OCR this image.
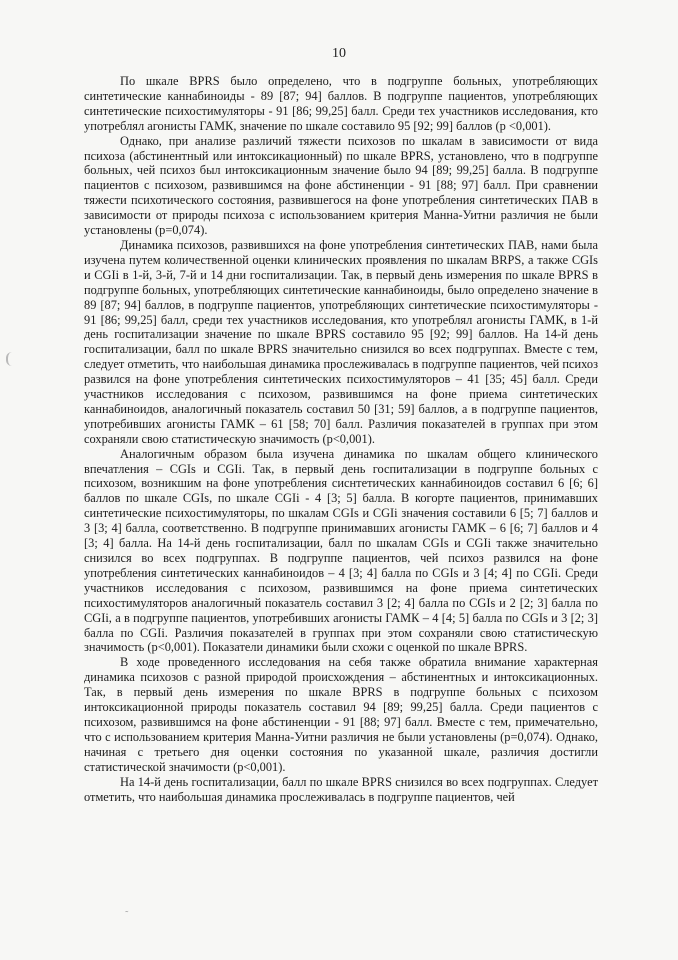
10

По шкале BPRS было определено, что в подгруппе больных, употребляющих синтетические каннабиноиды - 89 [87; 94] баллов. В подгруппе пациентов, употребляющих синтетические психостимуляторы - 91 [86; 99,25] балл. Среди тех участников исследования, кто употреблял агонисты ГАМК, значение по шкале составило 95 [92; 99] баллов (р <0,001).

Однако, при анализе различий тяжести психозов по шкалам в зависимости от вида психоза (абстинентный или интоксикационный) по шкале BPRS, установлено, что в подгруппе больных, чей психоз был интоксикационным значение было 94 [89; 99,25] балла. В подгруппе пациентов с психозом, развившимся на фоне абстиненции - 91 [88; 97] балл. При сравнении тяжести психотического состояния, развившегося на фоне употребления синтетических ПАВ в зависимости от природы психоза с использованием критерия Манна-Уитни различия не были установлены (р=0,074).

Динамика психозов, развившихся на фоне употребления синтетических ПАВ, нами была изучена путем количественной оценки клинических проявления по шкалам BRPS, а также CGIs и CGIi в 1-й, 3-й, 7-й и 14 дни госпитализации. Так, в первый день измерения по шкале BPRS в подгруппе больных, употребляющих синтетические каннабиноиды, было определено значение в 89 [87; 94] баллов, в подгруппе пациентов, употребляющих синтетические психостимуляторы - 91 [86; 99,25] балл, среди тех участников исследования, кто употреблял агонисты ГАМК, в 1-й день госпитализации значение по шкале BPRS составило 95 [92; 99] баллов. На 14-й день госпитализации, балл по шкале BPRS значительно снизился во всех подгруппах. Вместе с тем, следует отметить, что наибольшая динамика прослеживалась в подгруппе пациентов, чей психоз развился на фоне употребления синтетических психостимуляторов – 41 [35; 45] балл. Среди участников исследования с психозом, развившимся на фоне приема синтетических каннабиноидов, аналогичный показатель составил 50 [31; 59] баллов, а в подгруппе пациентов, употребивших агонисты ГАМК – 61 [58; 70] балл. Различия показателей в группах при этом сохраняли свою статистическую значимость (р<0,001).

Аналогичным образом была изучена динамика по шкалам общего клинического впечатления – CGIs и CGIi. Так, в первый день госпитализации в подгруппе больных с психозом, возникшим на фоне употребления сиснтетических каннабиноидов составил 6 [6; 6] баллов по шкале CGIs, по шкале CGIi - 4 [3; 5] балла. В когорте пациентов, принимавших синтетические психостимуляторы, по шкалам CGIs и CGIi значения составили 6 [5; 7] баллов и 3 [3; 4] балла, соответственно. В подгруппе принимавших агонисты ГАМК – 6 [6; 7] баллов и 4 [3; 4] балла. На 14-й день госпитализации, балл по шкалам CGIs и CGIi также значительно снизился во всех подгруппах. В подгруппе пациентов, чей психоз развился на фоне употребления синтетических каннабиноидов – 4 [3; 4] балла по CGIs и 3 [4; 4] по CGIi. Среди участников исследования с психозом, развившимся на фоне приема синтетических психостимуляторов аналогичный показатель составил 3 [2; 4] балла по CGIs и 2 [2; 3] балла по CGIi, а в подгруппе пациентов, употребивших агонисты ГАМК – 4 [4; 5] балла по CGIs и 3 [2; 3] балла по CGIi. Различия показателей в группах при этом сохраняли свою статистическую значимость (р<0,001). Показатели динамики были схожи с оценкой по шкале BPRS.

В ходе проведенного исследования на себя также обратила внимание характерная динамика психозов с разной природой происхождения – абстинентных и интоксикационных. Так, в первый день измерения по шкале BPRS в подгруппе больных с психозом интоксикационной природы показатель составил 94 [89; 99,25] балла. Среди пациентов с психозом, развившимся на фоне абстиненции - 91 [88; 97] балл. Вместе с тем, примечательно, что с использованием критерия Манна-Уитни различия не были установлены (р=0,074). Однако, начиная с третьего дня оценки состояния по указанной шкале, различия достигли статистической значимости (р<0,001).

На 14-й день госпитализации, балл по шкале BPRS снизился во всех подгруппах. Следует отметить, что наибольшая динамика прослеживалась в подгруппе пациентов, чей

˷
